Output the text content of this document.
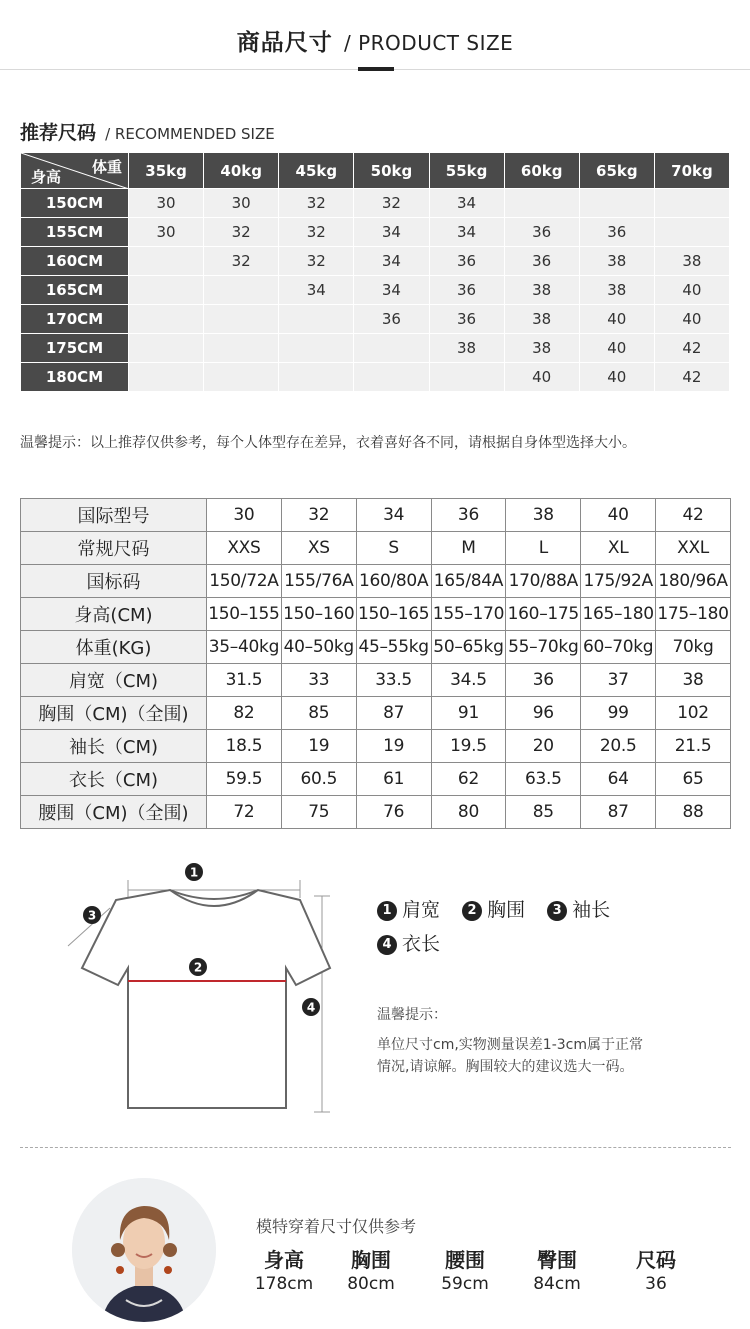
商品尺寸 / PRODUCT SIZE
推荐尺码 / RECOMMENDED SIZE
体重
身高	35kg	40kg	45kg	50kg	55kg	60kg	65kg	70kg
150CM	30	30	32	32	34			
155CM	30	32	32	34	34	36	36	
160CM		32	32	34	36	36	38	38
165CM			34	34	36	38	38	40
170CM				36	36	38	40	40
175CM					38	38	40	42
180CM						40	40	42
温馨提示：以上推荐仅供参考，每个人体型存在差异，衣着喜好各不同，请根据自身体型选择大小。
国际型号	30	32	34	36	38	40	42
常规尺码	XXS	XS	S	M	L	XL	XXL
国标码	150/72A	155/76A	160/80A	165/84A	170/88A	175/92A	180/96A
身高(CM)	150–155	150–160	150–165	155–170	160–175	165–180	175–180
体重(KG)	35–40kg	40–50kg	45–55kg	50–65kg	55–70kg	60–70kg	70kg
肩宽（CM)	31.5	33	33.5	34.5	36	37	38
胸围（CM)（全围)	82	85	87	91	96	99	102
袖长（CM)	18.5	19	19	19.5	20	20.5	21.5
衣长（CM)	59.5	60.5	61	62	63.5	64	65
腰围（CM)（全围)	72	75	76	80	85	87	88
1
2
3
4
1 肩宽 2 胸围 3 袖长
4 衣长
温馨提示：
单位尺寸cm,实物测量误差1-3cm属于正常
情况,请谅解。胸围较大的建议选大一码。
模特穿着尺寸仅供参考
身高
178cm
胸围
80cm
腰围
59cm
臀围
84cm
尺码
36
